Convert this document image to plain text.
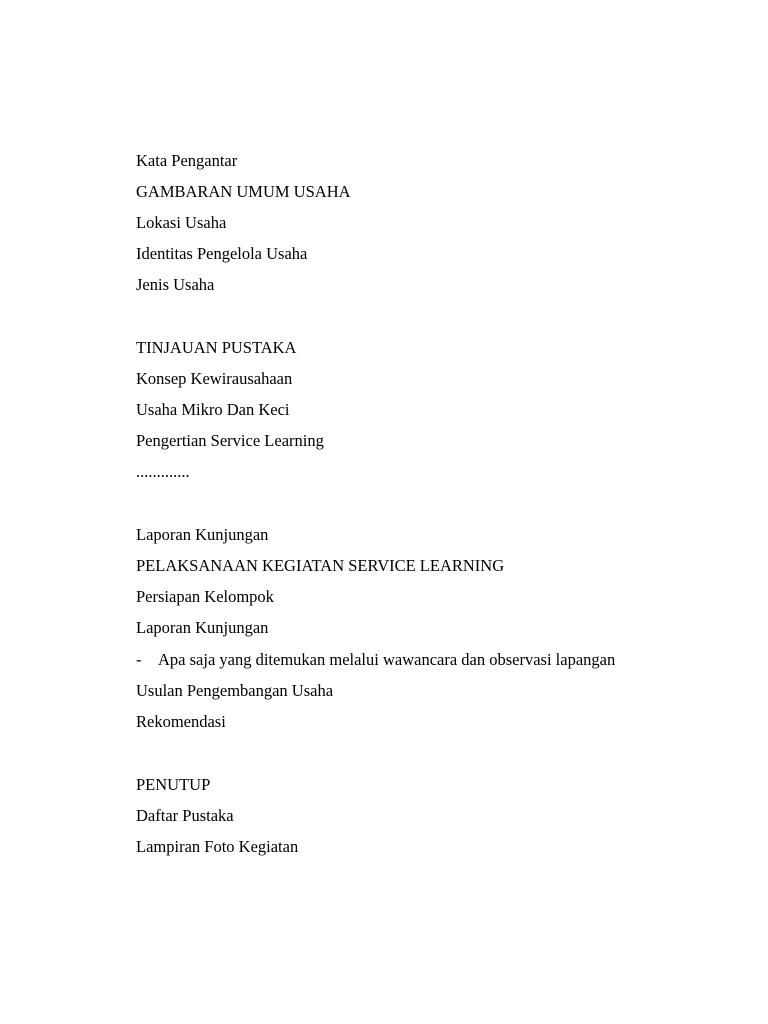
Kata Pengantar
GAMBARAN UMUM USAHA
Lokasi Usaha
Identitas Pengelola Usaha
Jenis Usaha
TINJAUAN PUSTAKA
Konsep Kewirausahaan
Usaha Mikro Dan Keci
Pengertian Service Learning
.............
Laporan Kunjungan
PELAKSANAAN KEGIATAN SERVICE LEARNING
Persiapan Kelompok
Laporan Kunjungan
- Apa saja yang ditemukan melalui wawancara dan observasi lapangan
Usulan Pengembangan Usaha
Rekomendasi
PENUTUP
Daftar Pustaka
Lampiran Foto Kegiatan
